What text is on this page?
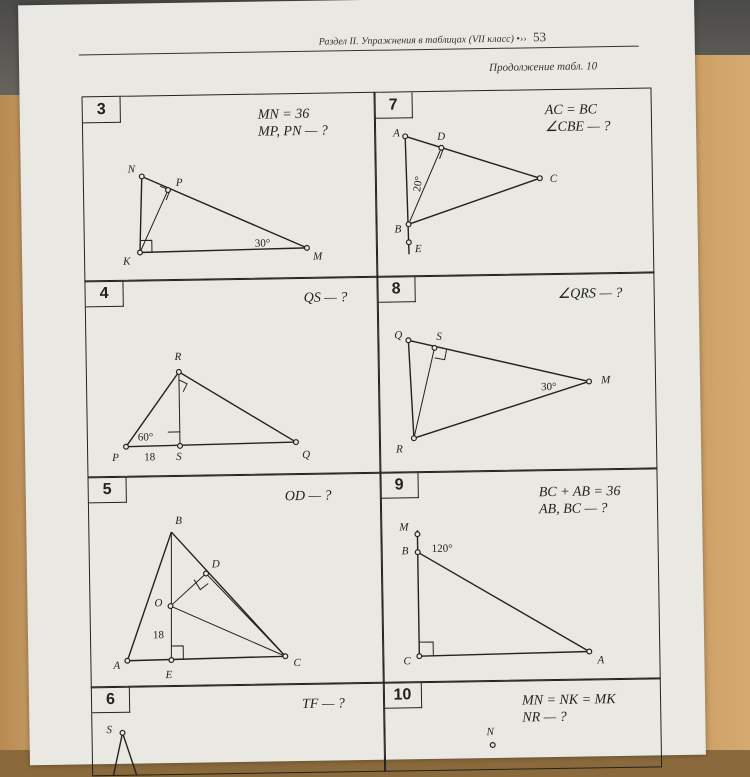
Раздел II. Упражнения в таблицах (VII класс) •›› 53
Продолжение табл. 10
3	MN = 36
MP, PN — ?
N
P
K	M
30°
7	AC = BC
∠CBE — ?
A	D
C
B
E
20°
4	QS — ?
R
P	S	Q
60°
18
8	∠QRS — ?
Q	S
M
R
30°
5	OD — ?
B
D
O
A
E
C
18
9	BC + AB = 36
AB, BC — ?
M
B
C	A
120°
6	TF — ?
S
10	MN = NK = MK
NR — ?
N
